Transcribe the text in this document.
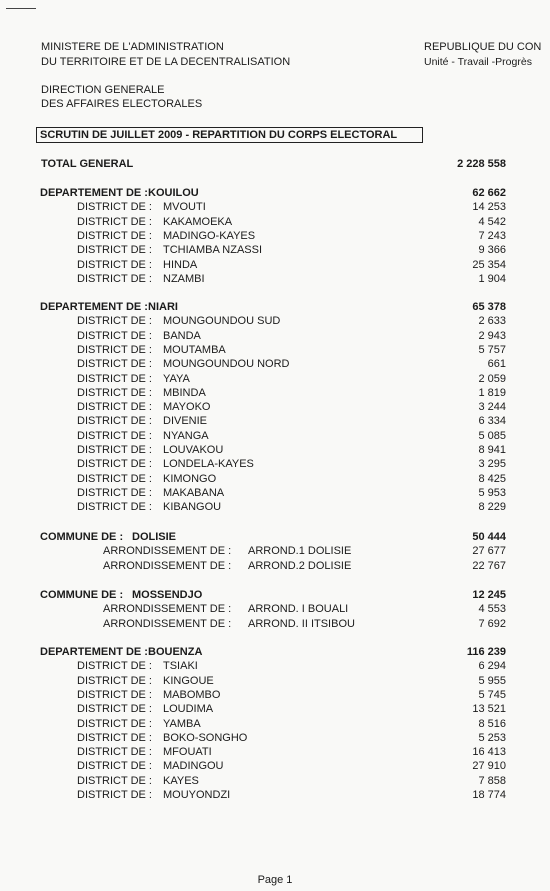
MINISTERE DE L'ADMINISTRATION
DU TERRITOIRE ET DE LA DECENTRALISATION
REPUBLIQUE DU CON
Unité - Travail -Progrès
DIRECTION GENERALE
DES AFFAIRES ELECTORALES
SCRUTIN DE JUILLET 2009 - REPARTITION DU CORPS ELECTORAL
TOTAL GENERAL	2 228 558
DEPARTEMENT DE : KOUILOU	62 662
DISTRICT DE : MVOUTI	14 253
DISTRICT DE : KAKAMOEKA	4 542
DISTRICT DE : MADINGO-KAYES	7 243
DISTRICT DE : TCHIAMBA NZASSI	9 366
DISTRICT DE : HINDA	25 354
DISTRICT DE : NZAMBI	1 904
DEPARTEMENT DE : NIARI	65 378
DISTRICT DE : MOUNGOUNDOU SUD	2 633
DISTRICT DE : BANDA	2 943
DISTRICT DE : MOUTAMBA	5 757
DISTRICT DE : MOUNGOUNDOU NORD	661
DISTRICT DE : YAYA	2 059
DISTRICT DE : MBINDA	1 819
DISTRICT DE : MAYOKO	3 244
DISTRICT DE : DIVENIE	6 334
DISTRICT DE : NYANGA	5 085
DISTRICT DE : LOUVAKOU	8 941
DISTRICT DE : LONDELA-KAYES	3 295
DISTRICT DE : KIMONGO	8 425
DISTRICT DE : MAKABANA	5 953
DISTRICT DE : KIBANGOU	8 229
COMMUNE DE : DOLISIE	50 444
ARRONDISSEMENT DE : ARROND.1 DOLISIE	27 677
ARRONDISSEMENT DE : ARROND.2 DOLISIE	22 767
COMMUNE DE : MOSSENDJO	12 245
ARRONDISSEMENT DE : ARROND. I BOUALI	4 553
ARRONDISSEMENT DE : ARROND. II ITSIBOU	7 692
DEPARTEMENT DE : BOUENZA	116 239
DISTRICT DE : TSIAKI	6 294
DISTRICT DE : KINGOUE	5 955
DISTRICT DE : MABOMBO	5 745
DISTRICT DE : LOUDIMA	13 521
DISTRICT DE : YAMBA	8 516
DISTRICT DE : BOKO-SONGHO	5 253
DISTRICT DE : MFOUATI	16 413
DISTRICT DE : MADINGOU	27 910
DISTRICT DE : KAYES	7 858
DISTRICT DE : MOUYONDZI	18 774
Page 1
